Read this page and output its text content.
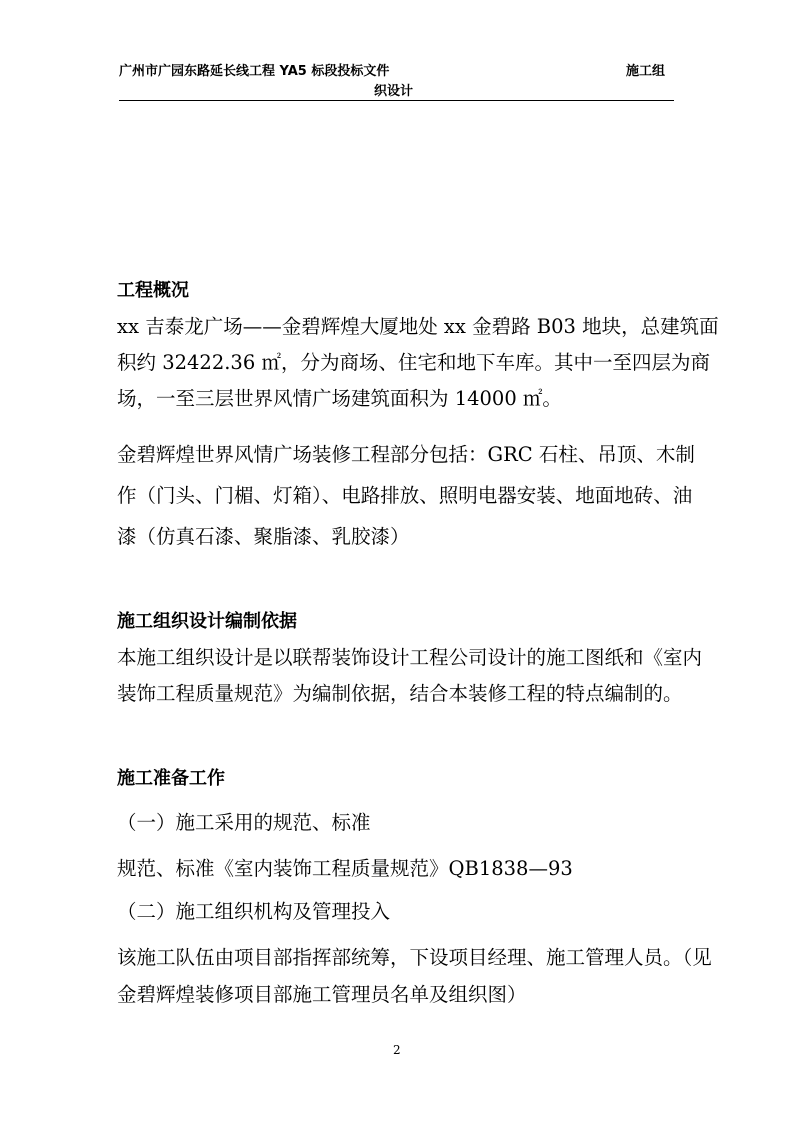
广州市广园东路延长线工程 YA5 标段投标文件	施工组
织设计
工程概况
xx 吉泰龙广场——金碧辉煌大厦地处 xx 金碧路 B03 地块，总建筑面
积约 32422.36 ㎡，分为商场、住宅和地下车库。其中一至四层为商
场，一至三层世界风情广场建筑面积为 14000 ㎡。
金碧辉煌世界风情广场装修工程部分包括：GRC 石柱、吊顶、木制
作（门头、门楣、灯箱）、电路排放、照明电器安装、地面地砖、油
漆（仿真石漆、聚脂漆、乳胶漆）
施工组织设计编制依据
本施工组织设计是以联帮装饰设计工程公司设计的施工图纸和《室内
装饰工程质量规范》为编制依据，结合本装修工程的特点编制的。
施工准备工作
（一）施工采用的规范、标准
规范、标准《室内装饰工程质量规范》QB1838—93
（二）施工组织机构及管理投入
该施工队伍由项目部指挥部统筹，下设项目经理、施工管理人员。（见
金碧辉煌装修项目部施工管理员名单及组织图）
2
